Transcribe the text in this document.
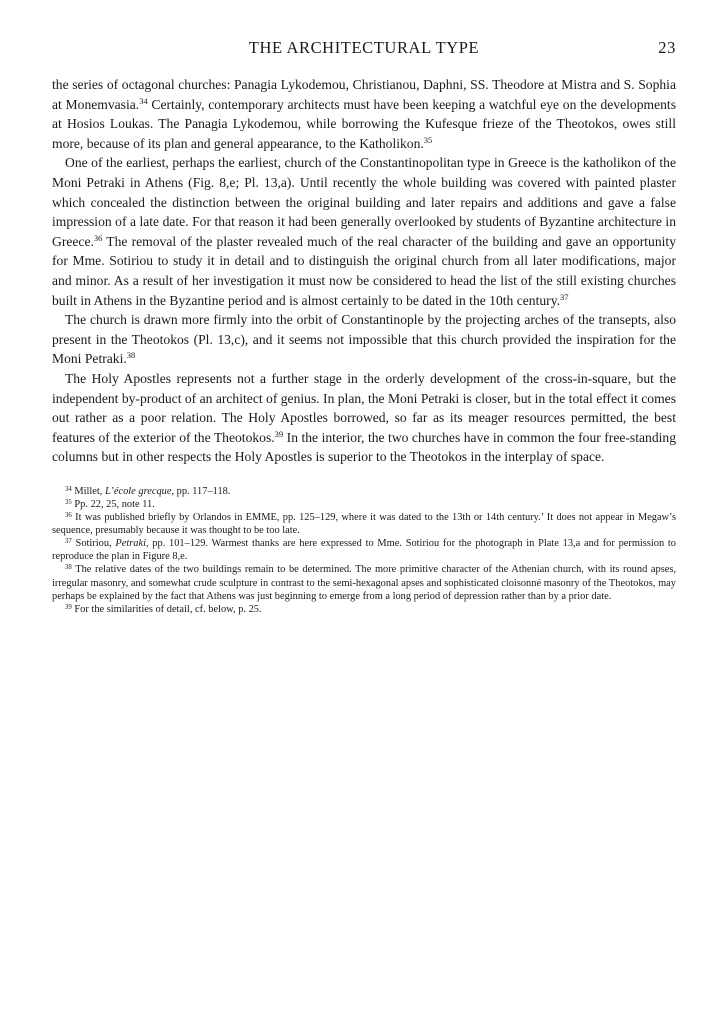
THE ARCHITECTURAL TYPE	23

the series of octagonal churches: Panagia Lykodemou, Christianou, Daphni, SS. Theodore at Mistra and S. Sophia at Monemvasia.$^{34}$ Certainly, contemporary architects must have been keeping a watchful eye on the developments at Hosios Loukas. The Panagia Lykodemou, while borrowing the Kufesque frieze of the Theotokos, owes still more, because of its plan and general appearance, to the Katholikon.$^{35}$

One of the earliest, perhaps the earliest, church of the Constantinopolitan type in Greece is the katholikon of the Moni Petraki in Athens (Fig. 8,e; Pl. 13,a). Until recently the whole building was covered with painted plaster which concealed the distinction between the original building and later repairs and additions and gave a false impression of a late date. For that reason it had been generally overlooked by students of Byzantine architecture in Greece.$^{36}$ The removal of the plaster revealed much of the real character of the building and gave an opportunity for Mme. Sotiriou to study it in detail and to distinguish the original church from all later modifications, major and minor. As a result of her investigation it must now be considered to head the list of the still existing churches built in Athens in the Byzantine period and is almost certainly to be dated in the 10th century.$^{37}$

The church is drawn more firmly into the orbit of Constantinople by the projecting arches of the transepts, also present in the Theotokos (Pl. 13,c), and it seems not impossible that this church provided the inspiration for the Moni Petraki.$^{38}$

The Holy Apostles represents not a further stage in the orderly development of the cross-in-square, but the independent by-product of an architect of genius. In plan, the Moni Petraki is closer, but in the total effect it comes out rather as a poor relation. The Holy Apostles borrowed, so far as its meager resources permitted, the best features of the exterior of the Theotokos.$^{39}$ In the interior, the two churches have in common the four free-standing columns but in other respects the Holy Apostles is superior to the Theotokos in the interplay of space.

$^{34}$ Millet, L’école grecque, pp. 117–118.

$^{35}$ Pp. 22, 25, note 11.

$^{36}$ It was published briefly by Orlandos in EMME, pp. 125–129, where it was dated to the 13th or 14th century.’ It does not appear in Megaw’s sequence, presumably because it was thought to be too late.

$^{37}$ Sotiriou, Petraki, pp. 101–129. Warmest thanks are here expressed to Mme. Sotiriou for the photograph in Plate 13,a and for permission to reproduce the plan in Figure 8,e.

$^{38}$ The relative dates of the two buildings remain to be determined. The more primitive character of the Athenian church, with its round apses, irregular masonry, and somewhat crude sculpture in contrast to the semi-hexagonal apses and sophisticated cloisonné masonry of the Theotokos, may perhaps be explained by the fact that Athens was just beginning to emerge from a long period of depression rather than by a prior date.

$^{39}$ For the similarities of detail, cf. below, p. 25.
